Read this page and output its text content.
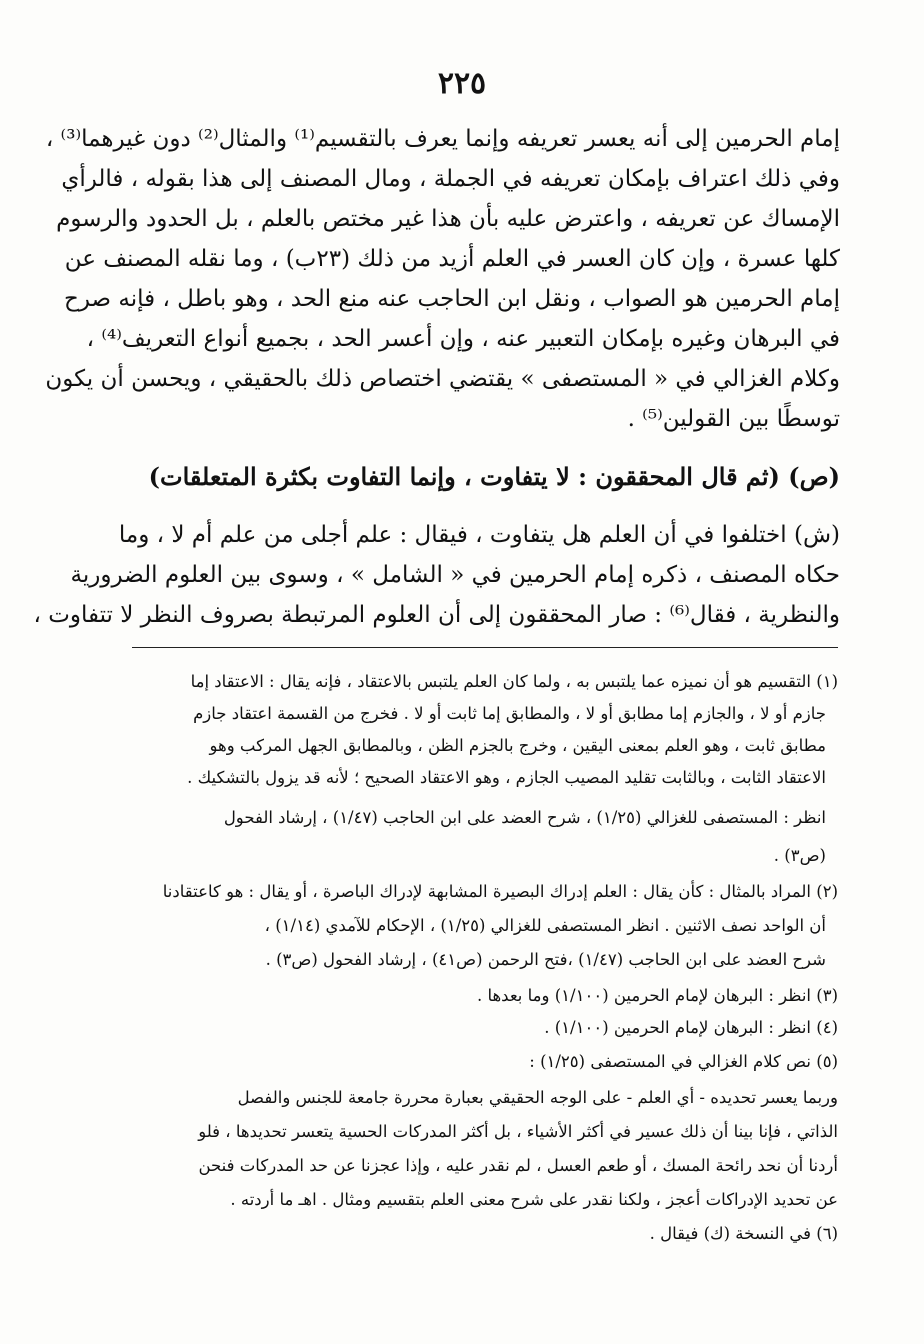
٢٢٥
إمام الحرمين إلى أنه يعسر تعريفه وإنما يعرف بالتقسيم⁽¹⁾ والمثال⁽²⁾ دون غيرهما⁽³⁾ ،
وفي ذلك اعتراف بإمكان تعريفه في الجملة ، ومال المصنف إلى هذا بقوله ، فالرأي
الإمساك عن تعريفه ، واعترض عليه بأن هذا غير مختص بالعلم ، بل الحدود والرسوم
كلها عسرة ، وإن كان العسر في العلم أزيد من ذلك (٢٣ب) ، وما نقله المصنف عن
إمام الحرمين هو الصواب ، ونقل ابن الحاجب عنه منع الحد ، وهو باطل ، فإنه صرح
في البرهان وغيره بإمكان التعبير عنه ، وإن أعسر الحد ، بجميع أنواع التعريف⁽⁴⁾ ،
وكلام الغزالي في « المستصفى » يقتضي اختصاص ذلك بالحقيقي ، ويحسن أن يكون
توسطًا بين القولين⁽⁵⁾ .
(ص) (ثم قال المحققون : لا يتفاوت ، وإنما التفاوت بكثرة المتعلقات)
(ش) اختلفوا في أن العلم هل يتفاوت ، فيقال : علم أجلى من علم أم لا ، وما
حكاه المصنف ، ذكره إمام الحرمين في « الشامل » ، وسوى بين العلوم الضرورية
والنظرية ، فقال⁽⁶⁾ : صار المحققون إلى أن العلوم المرتبطة بصروف النظر لا تتفاوت ،
(١) التقسيم هو أن نميزه عما يلتبس به ، ولما كان العلم يلتبس بالاعتقاد ، فإنه يقال : الاعتقاد إما
جازم أو لا ، والجازم إما مطابق أو لا ، والمطابق إما ثابت أو لا . فخرج من القسمة اعتقاد جازم
مطابق ثابت ، وهو العلم بمعنى اليقين ، وخرج بالجزم الظن ، وبالمطابق الجهل المركب وهو
الاعتقاد الثابت ، وبالثابت تقليد المصيب الجازم ، وهو الاعتقاد الصحيح ؛ لأنه قد يزول بالتشكيك .
انظر : المستصفى للغزالي (١/٢٥) ، شرح العضد على ابن الحاجب (١/٤٧) ، إرشاد الفحول
(ص٣) .
(٢) المراد بالمثال : كأن يقال : العلم إدراك البصيرة المشابهة لإدراك الباصرة ، أو يقال : هو كاعتقادنا
أن الواحد نصف الاثنين . انظر المستصفى للغزالي (١/٢٥) ، الإحكام للآمدي (١/١٤) ،
شرح العضد على ابن الحاجب (١/٤٧) ،فتح الرحمن (ص٤١) ، إرشاد الفحول (ص٣) .
(٣) انظر : البرهان لإمام الحرمين (١/١٠٠) وما بعدها .
(٤) انظر : البرهان لإمام الحرمين (١/١٠٠) .
(٥) نص كلام الغزالي في المستصفى (١/٢٥) :
وربما يعسر تحديده - أي العلم - على الوجه الحقيقي بعبارة محررة جامعة للجنس والفصل
الذاتي ، فإنا بينا أن ذلك عسير في أكثر الأشياء ، بل أكثر المدركات الحسية يتعسر تحديدها ، فلو
أردنا أن نحد رائحة المسك ، أو طعم العسل ، لم نقدر عليه ، وإذا عجزنا عن حد المدركات فنحن
عن تحديد الإدراكات أعجز ، ولكنا نقدر على شرح معنى العلم بتقسيم ومثال . اهـ ما أردته .
(٦) في النسخة (ك) فيقال .
